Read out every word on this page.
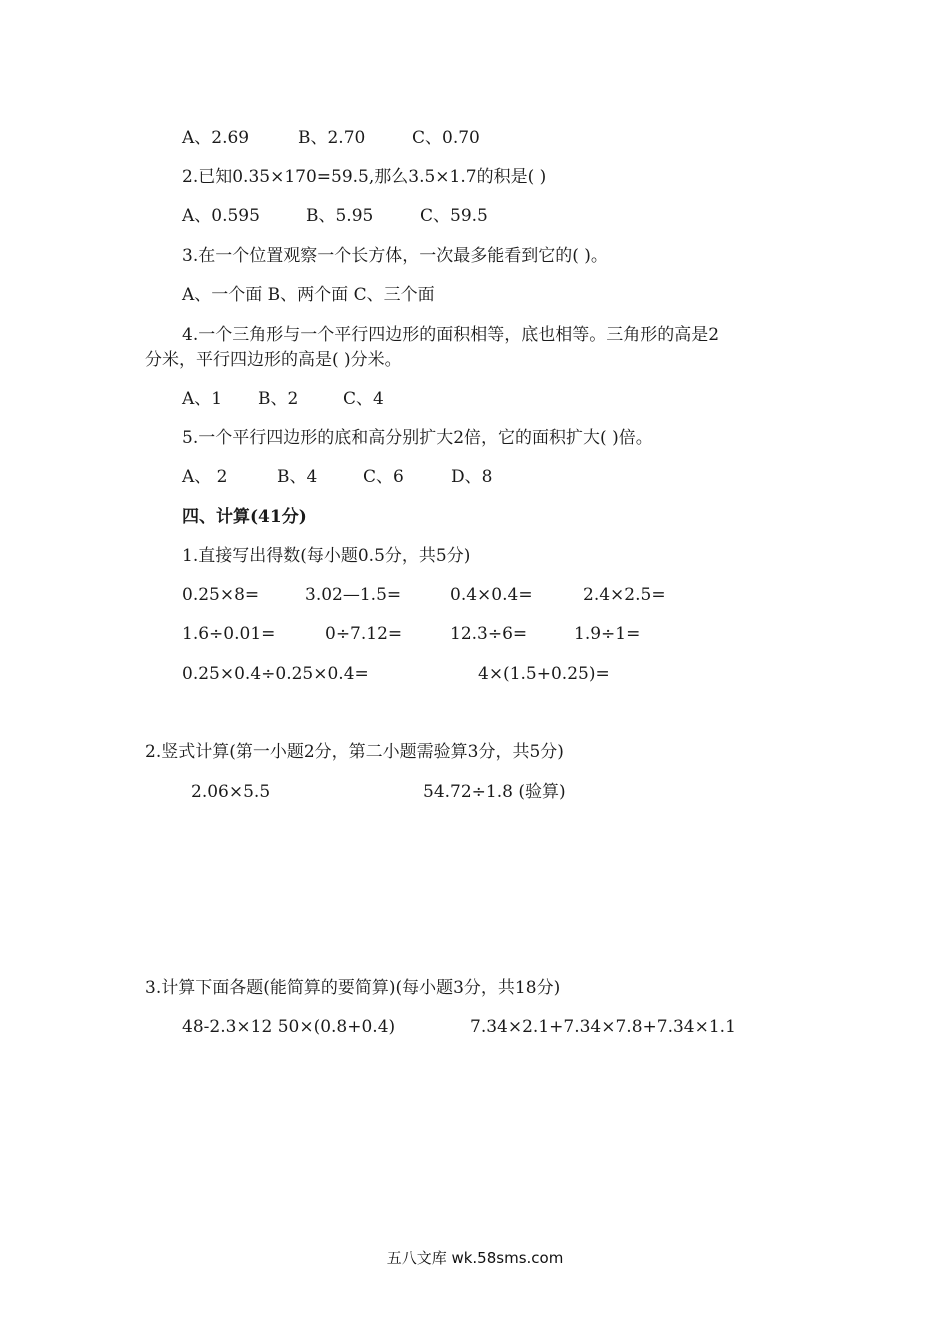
A、2.69	B、2.70	C、0.70
2.已知0.35×170=59.5,那么3.5×1.7的积是( )
A、0.595	B、5.95	C、59.5
3.在一个位置观察一个长方体，一次最多能看到它的( )。
A、一个面 B、两个面 C、三个面
4.一个三角形与一个平行四边形的面积相等，底也相等。三角形的高是2
分米，平行四边形的高是( )分米。
A、1 B、2	C、4
5.一个平行四边形的底和高分别扩大2倍，它的面积扩大( )倍。
A、 2	B、4	C、6	D、8
四、计算(41分)
1.直接写出得数(每小题0.5分，共5分)
0.25×8=	3.02—1.5=	0.4×0.4=	2.4×2.5=
1.6÷0.01=	0÷7.12=	12.3÷6=	1.9÷1=
0.25×0.4÷0.25×0.4=	4×(1.5+0.25)=
2.竖式计算(第一小题2分，第二小题需验算3分，共5分)
2.06×5.5	54.72÷1.8 (验算)
3.计算下面各题(能简算的要简算)(每小题3分，共18分)
48-2.3×12 50×(0.8+0.4)	7.34×2.1+7.34×7.8+7.34×1.1
五八文库 wk.58sms.com
